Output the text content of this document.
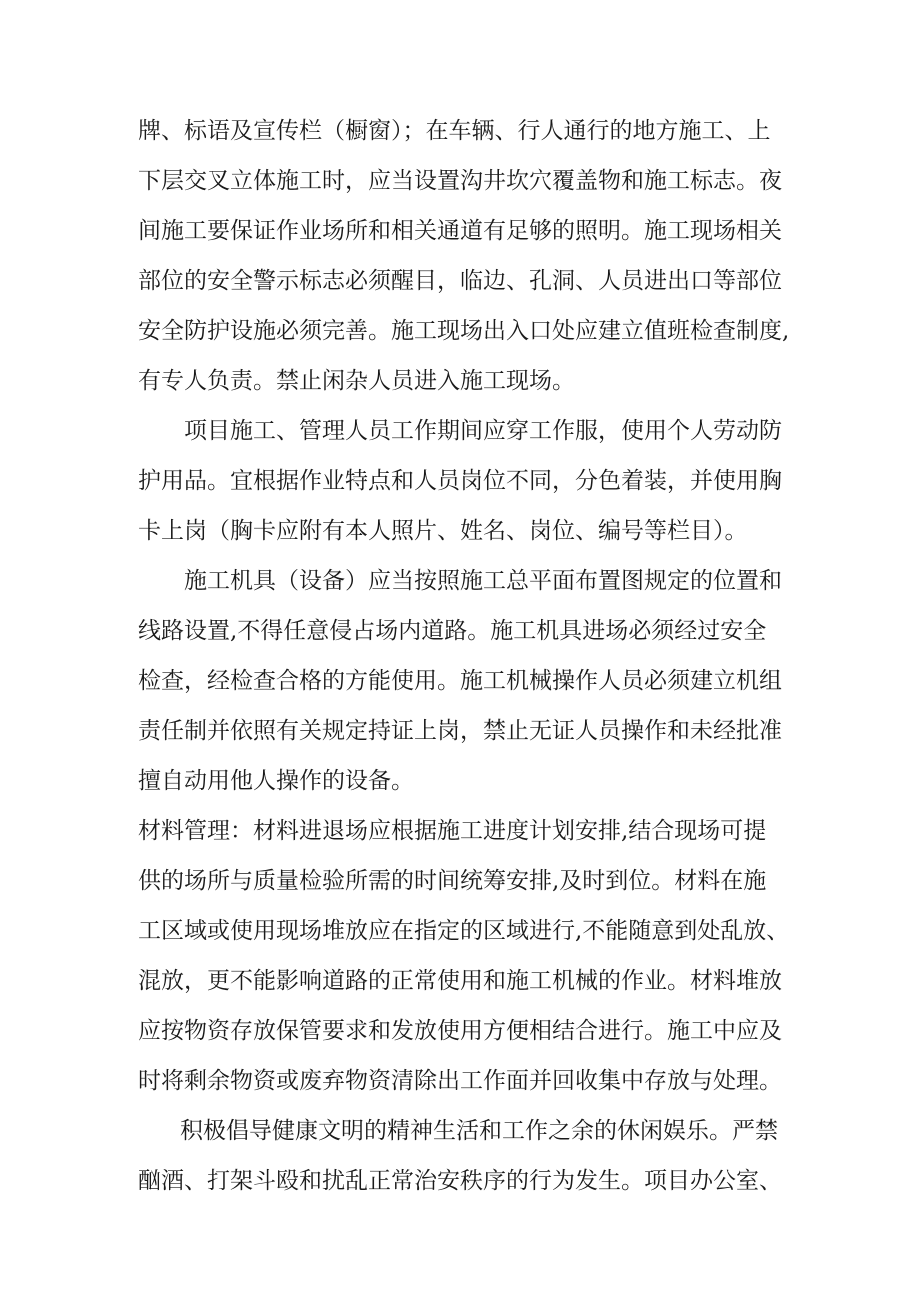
牌、标语及宣传栏（橱窗）；在车辆、行人通行的地方施工、上
下层交叉立体施工时，应当设置沟井坎穴覆盖物和施工标志。夜
间施工要保证作业场所和相关通道有足够的照明。施工现场相关
部位的安全警示标志必须醒目，临边、孔洞、人员进出口等部位
安全防护设施必须完善。施工现场出入口处应建立值班检查制度,
有专人负责。禁止闲杂人员进入施工现场。
项目施工、管理人员工作期间应穿工作服，使用个人劳动防
护用品。宜根据作业特点和人员岗位不同，分色着装，并使用胸
卡上岗（胸卡应附有本人照片、姓名、岗位、编号等栏目）。
施工机具（设备）应当按照施工总平面布置图规定的位置和
线路设置,不得任意侵占场内道路。施工机具进场必须经过安全
检查，经检查合格的方能使用。施工机械操作人员必须建立机组
责任制并依照有关规定持证上岗，禁止无证人员操作和未经批准
擅自动用他人操作的设备。
材料管理：材料进退场应根据施工进度计划安排,结合现场可提
供的场所与质量检验所需的时间统筹安排,及时到位。材料在施
工区域或使用现场堆放应在指定的区域进行,不能随意到处乱放、
混放，更不能影响道路的正常使用和施工机械的作业。材料堆放
应按物资存放保管要求和发放使用方便相结合进行。施工中应及
时将剩余物资或废弃物资清除出工作面并回收集中存放与处理。
积极倡导健康文明的精神生活和工作之余的休闲娱乐。严禁
酗酒、打架斗殴和扰乱正常治安秩序的行为发生。项目办公室、
